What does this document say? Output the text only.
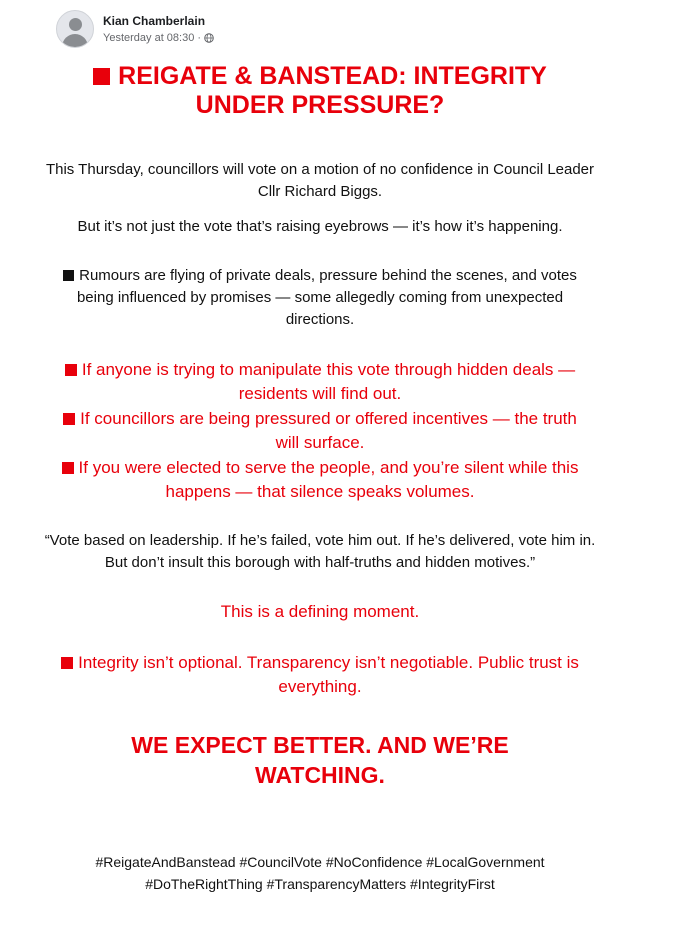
Kian Chamberlain
Yesterday at 08:30 ·
REIGATE & BANSTEAD: INTEGRITY UNDER PRESSURE?
This Thursday, councillors will vote on a motion of no confidence in Council Leader Cllr Richard Biggs.
But it’s not just the vote that’s raising eyebrows — it’s how it’s happening.
Rumours are flying of private deals, pressure behind the scenes, and votes being influenced by promises — some allegedly coming from unexpected directions.
If anyone is trying to manipulate this vote through hidden deals — residents will find out.
If councillors are being pressured or offered incentives — the truth will surface.
If you were elected to serve the people, and you’re silent while this happens — that silence speaks volumes.
“Vote based on leadership. If he’s failed, vote him out. If he’s delivered, vote him in. But don’t insult this borough with half-truths and hidden motives.”
This is a defining moment.
Integrity isn’t optional. Transparency isn’t negotiable. Public trust is everything.
WE EXPECT BETTER. AND WE’RE WATCHING.
#ReigateAndBanstead #CouncilVote #NoConfidence #LocalGovernment
#DoTheRightThing #TransparencyMatters #IntegrityFirst
